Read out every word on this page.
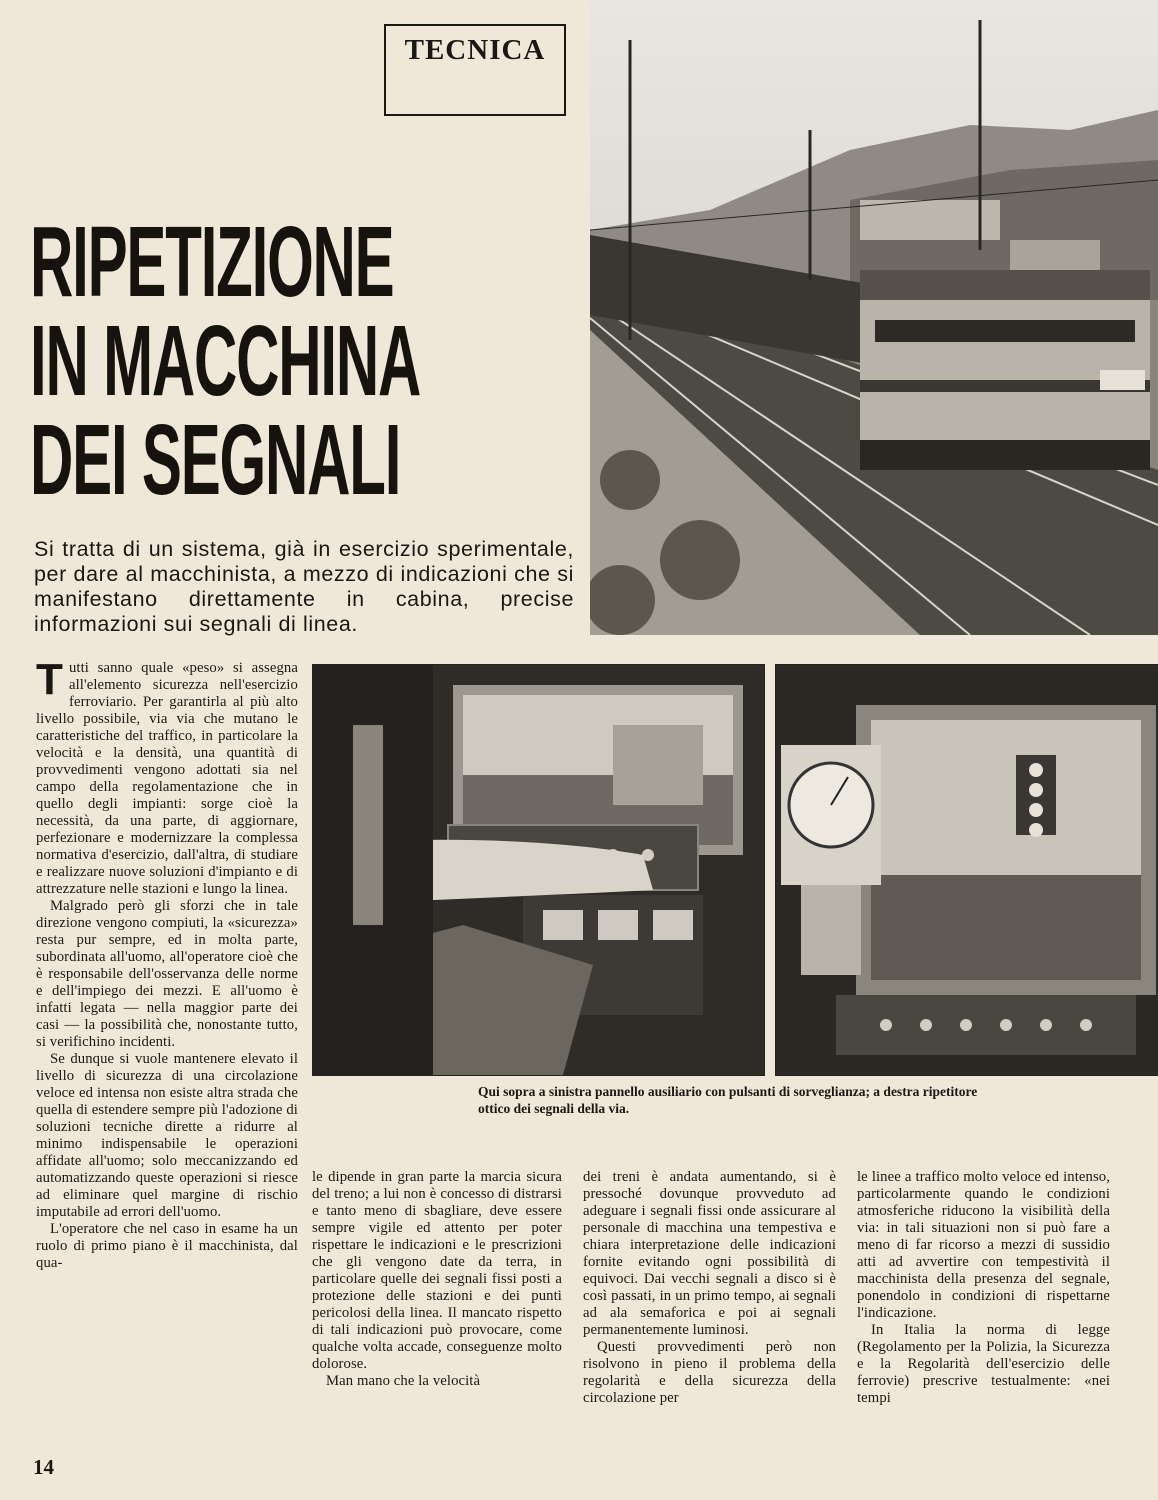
TECNICA
RIPETIZIONE
IN MACCHINA
DEI SEGNALI
Si tratta di un sistema, già in esercizio sperimentale, per dare al macchinista, a mezzo di indicazioni che si manifestano direttamente in cabina, precise informazioni sui segnali di linea.
Qui sopra a sinistra pannello ausiliario con pulsanti di sorveglianza; a destra ripetitore ottico dei segnali della via.

Tutti sanno quale «peso» si assegna all'elemento sicurezza nell'esercizio ferroviario. Per garantirla al più alto livello possibile, via via che mutano le caratteristiche del traffico, in particolare la velocità e la densità, una quantità di provvedimenti vengono adottati sia nel campo della regolamentazione che in quello degli impianti: sorge cioè la necessità, da una parte, di aggiornare, perfezionare e modernizzare la complessa normativa d'esercizio, dall'altra, di studiare e realizzare nuove soluzioni d'impianto e di attrezzature nelle stazioni e lungo la linea.

Malgrado però gli sforzi che in tale direzione vengono compiuti, la «sicurezza» resta pur sempre, ed in molta parte, subordinata all'uomo, all'operatore cioè che è responsabile dell'osservanza delle norme e dell'impiego dei mezzi. E all'uomo è infatti legata — nella maggior parte dei casi — la possibilità che, nonostante tutto, si verifichino incidenti.

Se dunque si vuole mantenere elevato il livello di sicurezza di una circolazione veloce ed intensa non esiste altra strada che quella di estendere sempre più l'adozione di soluzioni tecniche dirette a ridurre al minimo indispensabile le operazioni affidate all'uomo; solo meccanizzando ed automatizzando queste operazioni si riesce ad eliminare quel margine di rischio imputabile ad errori dell'uomo.

L'operatore che nel caso in esame ha un ruolo di primo piano è il macchinista, dal qua-

le dipende in gran parte la marcia sicura del treno; a lui non è concesso di distrarsi e tanto meno di sbagliare, deve essere sempre vigile ed attento per poter rispettare le indicazioni e le prescrizioni che gli vengono date da terra, in particolare quelle dei segnali fissi posti a protezione delle stazioni e dei punti pericolosi della linea. Il mancato rispetto di tali indicazioni può provocare, come qualche volta accade, conseguenze molto dolorose.

Man mano che la velocità

dei treni è andata aumentando, si è pressoché dovunque provveduto ad adeguare i segnali fissi onde assicurare al personale di macchina una tempestiva e chiara interpretazione delle indicazioni fornite evitando ogni possibilità di equivoci. Dai vecchi segnali a disco si è così passati, in un primo tempo, ai segnali ad ala semaforica e poi ai segnali permanentemente luminosi.

Questi provvedimenti però non risolvono in pieno il problema della regolarità e della sicurezza della circolazione per

le linee a traffico molto veloce ed intenso, particolarmente quando le condizioni atmosferiche riducono la visibilità della via: in tali situazioni non si può fare a meno di far ricorso a mezzi di sussidio atti ad avvertire con tempestività il macchinista della presenza del segnale, ponendolo in condizioni di rispettarne l'indicazione.

In Italia la norma di legge (Regolamento per la Polizia, la Sicurezza e la Regolarità dell'esercizio delle ferrovie) prescrive testualmente: «nei tempi

14
